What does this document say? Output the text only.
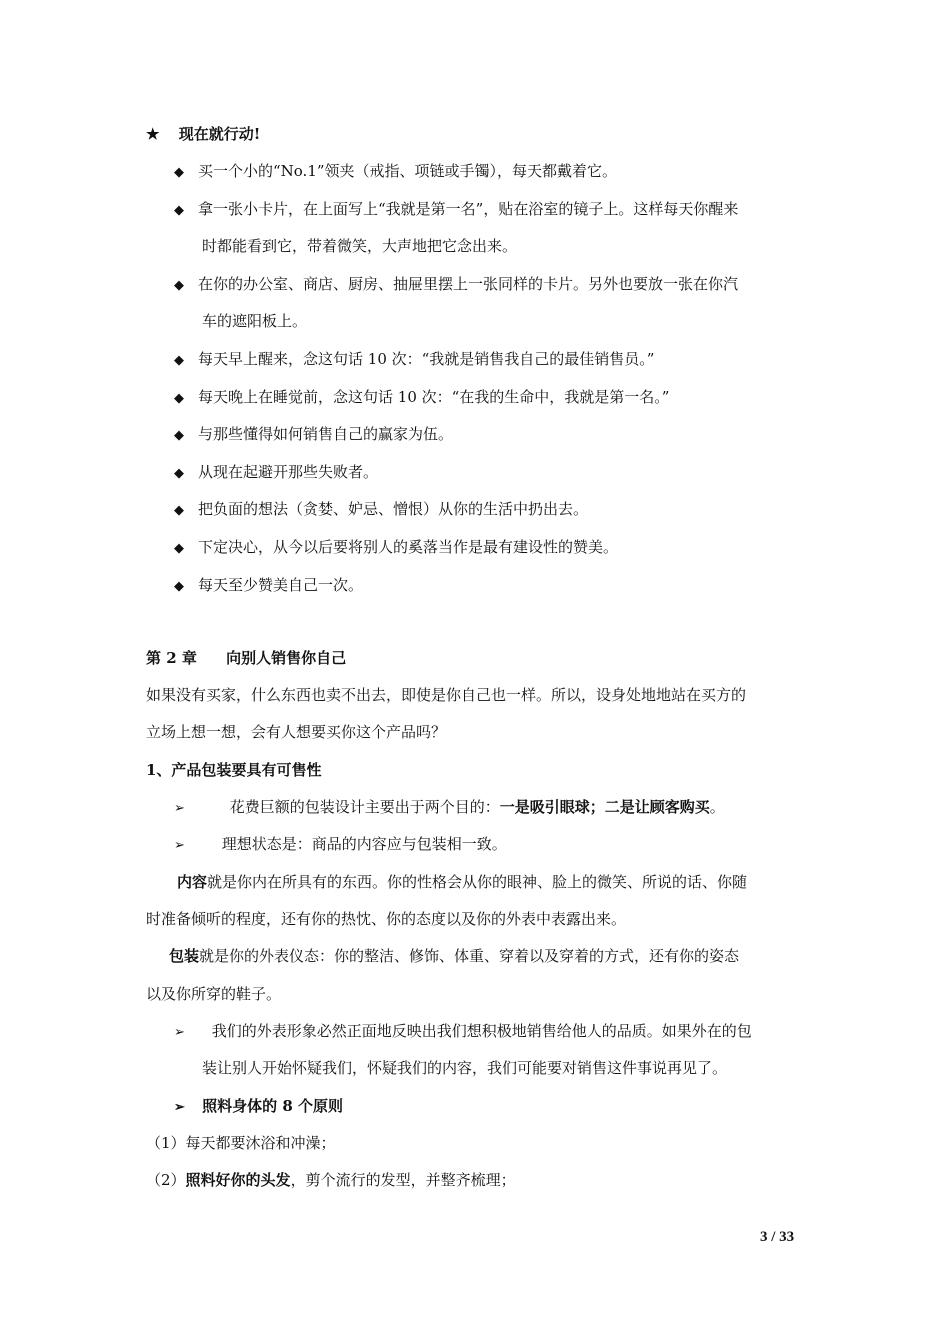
★ 现在就行动!
◆ 买一个小的“No.1”领夹（戒指、项链或手镯），每天都戴着它。
◆ 拿一张小卡片，在上面写上“我就是第一名”，贴在浴室的镜子上。这样每天你醒来
时都能看到它，带着微笑，大声地把它念出来。
◆ 在你的办公室、商店、厨房、抽屉里摆上一张同样的卡片。另外也要放一张在你汽
车的遮阳板上。
◆ 每天早上醒来，念这句话 10 次：“我就是销售我自己的最佳销售员。”
◆ 每天晚上在睡觉前，念这句话 10 次：“在我的生命中，我就是第一名。”
◆ 与那些懂得如何销售自己的赢家为伍。
◆ 从现在起避开那些失败者。
◆ 把负面的想法（贪婪、妒忌、憎恨）从你的生活中扔出去。
◆ 下定决心，从今以后要将别人的奚落当作是最有建设性的赞美。
◆ 每天至少赞美自己一次。
第 2 章 向别人销售你自己
如果没有买家，什么东西也卖不出去，即使是你自己也一样。所以，设身处地地站在买方的
立场上想一想，会有人想要买你这个产品吗？
1、产品包装要具有可售性
➢	花费巨额的包装设计主要出于两个目的：一是吸引眼球；二是让顾客购买。
➢ 理想状态是：商品的内容应与包装相一致。
内容就是你内在所具有的东西。你的性格会从你的眼神、脸上的微笑、所说的话、你随
时准备倾听的程度，还有你的热忱、你的态度以及你的外表中表露出来。
包装就是你的外表仪态：你的整洁、修饰、体重、穿着以及穿着的方式，还有你的姿态
以及你所穿的鞋子。
➢ 我们的外表形象必然正面地反映出我们想积极地销售给他人的品质。如果外在的包
装让别人开始怀疑我们，怀疑我们的内容，我们可能要对销售这件事说再见了。
➢ 照料身体的 8 个原则
（1）每天都要沐浴和冲澡；
（2）照料好你的头发，剪个流行的发型，并整齐梳理；
3 / 33
